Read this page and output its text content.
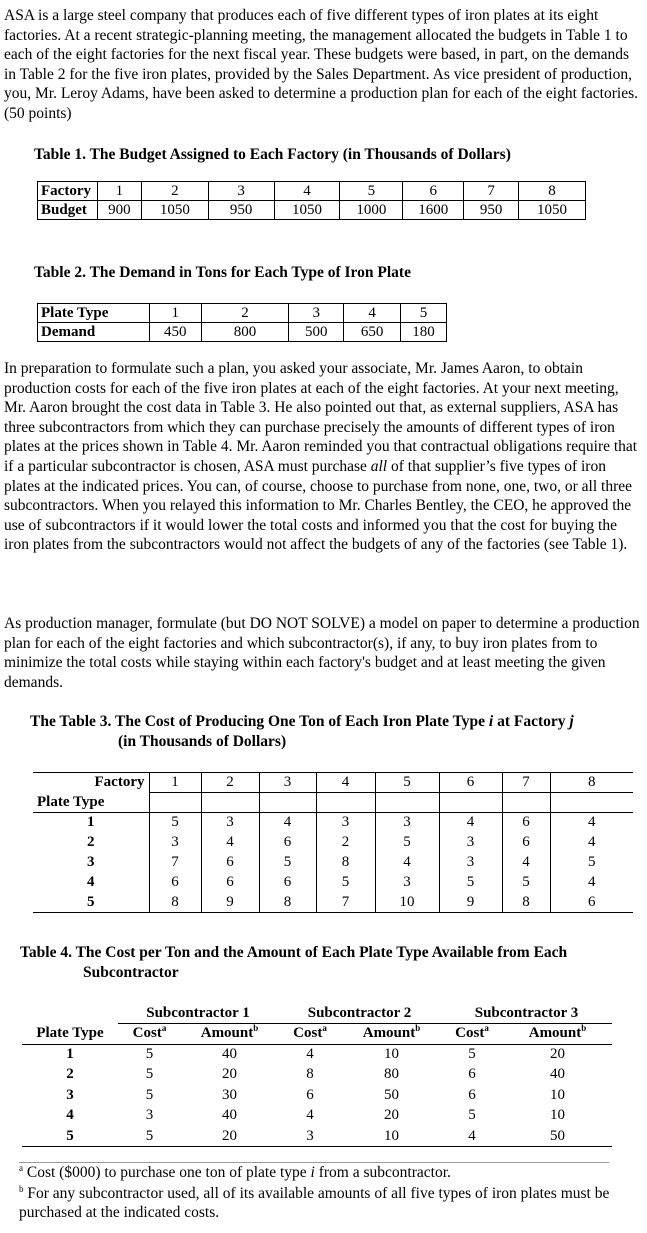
ASA is a large steel company that produces each of five different types of iron plates at its eight factories. At a recent strategic-planning meeting, the management allocated the budgets in Table 1 to each of the eight factories for the next fiscal year. These budgets were based, in part, on the demands in Table 2 for the five iron plates, provided by the Sales Department. As vice president of production, you, Mr. Leroy Adams, have been asked to determine a production plan for each of the eight factories. (50 points)

Table 1. The Budget Assigned to Each Factory (in Thousands of Dollars)

Factory	1	2	3	4	5	6	7	8
Budget	900	1050	950	1050	1000	1600	950	1050

Table 2. The Demand in Tons for Each Type of Iron Plate

Plate Type	1	2	3	4	5
Demand	450	800	500	650	180

In preparation to formulate such a plan, you asked your associate, Mr. James Aaron, to obtain production costs for each of the five iron plates at each of the eight factories. At your next meeting, Mr. Aaron brought the cost data in Table 3. He also pointed out that, as external suppliers, ASA has three subcontractors from which they can purchase precisely the amounts of different types of iron plates at the prices shown in Table 4. Mr. Aaron reminded you that contractual obligations require that if a particular subcontractor is chosen, ASA must purchase all of that supplier’s five types of iron plates at the indicated prices. You can, of course, choose to purchase from none, one, two, or all three subcontractors. When you relayed this information to Mr. Charles Bentley, the CEO, he approved the use of subcontractors if it would lower the total costs and informed you that the cost for buying the iron plates from the subcontractors would not affect the budgets of any of the factories (see Table 1).

As production manager, formulate (but DO NOT SOLVE) a model on paper to determine a production plan for each of the eight factories and which subcontractor(s), if any, to buy iron plates from to minimize the total costs while staying within each factory's budget and at least meeting the given demands.

The Table 3. The Cost of Producing One Ton of Each Iron Plate Type i at Factory j

(in Thousands of Dollars)

Factory	1	2	3	4	5	6	7	8
Plate Type								
1	5	3	4	3	3	4	6	4
2	3	4	6	2	5	3	6	4
3	7	6	5	8	4	3	4	5
4	6	6	6	5	3	5	5	4
5	8	9	8	7	10	9	8	6

Table 4. The Cost per Ton and the Amount of Each Plate Type Available from Each

Subcontractor

	Subcontractor 1		Subcontractor 2		Subcontractor 3	
Plate Type	Cost$^a$	Amount$^b$	Cost$^a$	Amount$^b$	Cost$^a$	Amount$^b$
1	5	40	4	10	5	20
2	5	20	8	80	6	40
3	5	30	6	50	6	10
4	3	40	4	20	5	10
5	5	20	3	10	4	50

$^a$ Cost ($000) to purchase one ton of plate type i from a subcontractor.

$^b$ For any subcontractor used, all of its available amounts of all five types of iron plates must be purchased at the indicated costs.
